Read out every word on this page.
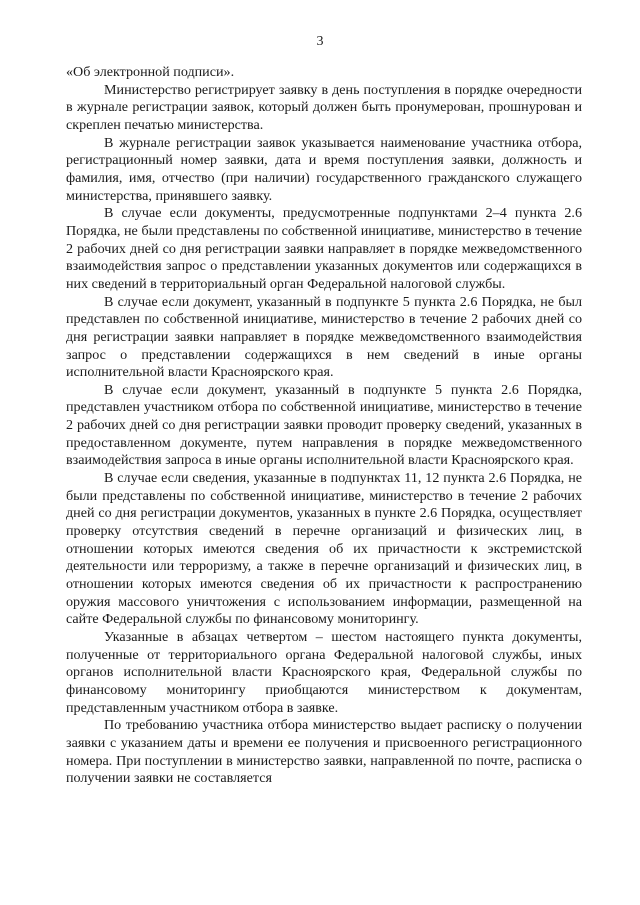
3

«Об электронной подписи».

Министерство регистрирует заявку в день поступления в порядке очередности в журнале регистрации заявок, который должен быть пронумерован, прошнурован и скреплен печатью министерства.

В журнале регистрации заявок указывается наименование участника отбора, регистрационный номер заявки, дата и время поступления заявки, должность и фамилия, имя, отчество (при наличии) государственного гражданского служащего министерства, принявшего заявку.

В случае если документы, предусмотренные подпунктами 2–4 пункта 2.6 Порядка, не были представлены по собственной инициативе, министерство в течение 2 рабочих дней со дня регистрации заявки направляет в порядке межведомственного взаимодействия запрос о представлении указанных документов или содержащихся в них сведений в территориальный орган Федеральной налоговой службы.

В случае если документ, указанный в подпункте 5 пункта 2.6 Порядка, не был представлен по собственной инициативе, министерство в течение 2 рабочих дней со дня регистрации заявки направляет в порядке межведомственного взаимодействия запрос о представлении содержащихся в нем сведений в иные органы исполнительной власти Красноярского края.

В случае если документ, указанный в подпункте 5 пункта 2.6 Порядка, представлен участником отбора по собственной инициативе, министерство в течение 2 рабочих дней со дня регистрации заявки проводит проверку сведений, указанных в предоставленном документе, путем направления в порядке межведомственного взаимодействия запроса в иные органы исполнительной власти Красноярского края.

В случае если сведения, указанные в подпунктах 11, 12 пункта 2.6 Порядка, не были представлены по собственной инициативе, министерство в течение 2 рабочих дней со дня регистрации документов, указанных в пункте 2.6 Порядка, осуществляет проверку отсутствия сведений в перечне организаций и физических лиц, в отношении которых имеются сведения об их причастности к экстремистской деятельности или терроризму, а также в перечне организаций и физических лиц, в отношении которых имеются сведения об их причастности к распространению оружия массового уничтожения с использованием информации, размещенной на сайте Федеральной службы по финансовому мониторингу.

Указанные в абзацах четвертом – шестом настоящего пункта документы, полученные от территориального органа Федеральной налоговой службы, иных органов исполнительной власти Красноярского края, Федеральной службы по финансовому мониторингу приобщаются министерством к документам, представленным участником отбора в заявке.

По требованию участника отбора министерство выдает расписку о получении заявки с указанием даты и времени ее получения и присвоенного регистрационного номера. При поступлении в министерство заявки, направленной по почте, расписка о получении заявки не составляется
